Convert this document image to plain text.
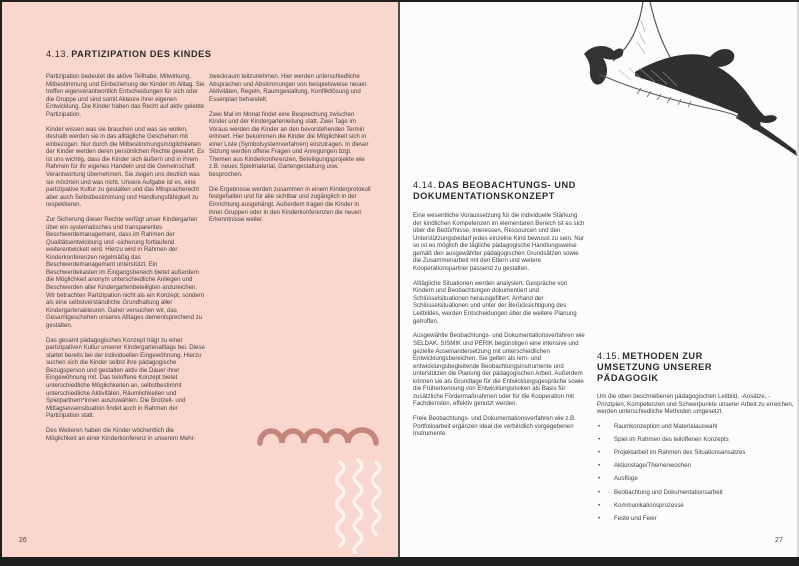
4.13. PARTIZIPATION DES KINDES

Partizipation bedeutet die aktive Teilhabe, Mitwirkung, Mitbestimmung und Einbeziehung der Kinder im Alltag. Sie treffen eigenverantwortlich Entscheidungen für sich oder die Gruppe und sind somit Akteure ihrer eigenen Entwicklung. Die Kinder haben das Recht auf aktiv gelebte Partizipation.

Kinder wissen was sie brauchen und was sie wollen, deshalb werden sie in das alltägliche Geschehen mit einbezogen. Nur durch die Mitbestimmungsmöglichkeiten der Kinder werden deren persönlichen Rechte gewahrt. Es ist uns wichtig, dass die Kinder sich äußern und in ihrem Rahmen für ihr eigenes Handeln und die Gemeinschaft Verantwortung übernehmen. Sie zeigen uns deutlich was sie möchten und was nicht. Unsere Aufgabe ist es, eine partizipative Kultur zu gestalten und das Mitspracherecht aber auch Selbstbestimmung und Handlungsfähigkeit zu respektieren.

Zur Sicherung dieser Rechte verfügt unser Kindergarten über ein systematisches und transparentes Beschwerdemanagement, dass im Rahmen der Qualitätsentwicklung und -sicherung fortlaufend weiterentwickelt wird. Hierzu wird in Rahmen der Kinderkonferenzen regelmäßig das Beschwerdemanagement unterstützt. Ein Beschwerdekasten im Eingangsbereich bietet außerdem die Möglichkeit anonym unterschiedliche Anliegen und Beschwerden aller Kindergartenbeteiligten anzureichen. Wir betrachten Partizipation nicht als ein Konzept, sondern als eine selbstverständliche Grundhaltung aller Kindergartenakteuren. Daher versuchen wir, das Gesamtgeschehen unseres Alltages dementsprechend zu gestalten.

Das gesamt pädagogisches Konzept trägt zu einer partizipativen Kultur unserer Kindergartenalltags bei. Diese startet bereits bei der individuellen Eingewöhnung. Hierzu suchen sich die Kinder selbst ihre pädagogische Bezugsperson und gestalten aktiv die Dauer ihrer Eingewöhnung mit. Das teiloffene Konzept bietet unterschiedliche Möglichkeiten an, selbstbestimmt unterschiedliche Aktivitäten, Räumlichkeiten und Spielpartnern*innen auszuwählen. Die Brotzeit- und Mittagsessensituation findet auch in Rahmen der Partizipation statt.

Des Weiteren haben die Kinder wöchentlich die Möglichkeit an einer Kinderkonferenz in unserem Mehr-

zweckraum teilzunehmen. Hier werden unterschiedliche Absprachen und Abstimmungen von beispielsweise neuen Aktivitäten, Regeln, Raumgestaltung, Konfliktlösung und Essenplan behandelt.

Zwei Mal im Monat findet eine Besprechung zwischen Kinder und der Kindergartenleitung statt. Zwei Tage im Voraus werden die Kinder an den bevorstehenden Termin erinnert. Hier bekommen die Kinder die Möglichkeit sich in einer Liste (Symbolsystemverfahren) einzutragen. In dieser Sitzung werden offene Fragen und Anregungen bzgl. Themen aus Kinderkonferenzen, Beteiligungsprojekte wie z.B. neues Spielmaterial, Gartengestaltung usw. besprochen.

Die Ergebnisse werden zusammen in einem Kinderprotokoll festgehalten und für alle sichtbar und zugänglich in der Einrichtung ausgehängt. Außerdem tragen die Kinder in ihren Gruppen oder in den Kinderkonferenzen die neuen Erkenntnisse weiter.

26
4.14. DAS BEOBACHTUNGS- UND DOKUMENTATIONSKONZEPT

Eine wesentliche Voraussetzung für die individuelle Stärkung der kindlichen Kompetenzen im elementaren Bereich ist es sich über die Bedürfnisse, Interessen, Ressourcen und den Unterstützungsbedarf jedes einzelne Kind bewusst zu sein. Nur so ist es möglich die tägliche pädagogische Handlungsweise gemäß den ausgewählter pädagogischen Grundsätzen sowie die Zusammenarbeit mit den Eltern und weitere Kooperationspartner passend zu gestalten.

Alltägliche Situationen werden analysiert, Gespräche von Kindern und Beobachtungen dokumentiert und Schlüsselsituationen herausgefiltert. Anhand der Schlüsselsituationen und unter der Berücksichtigung des Leitbildes, werden Entscheidungen über die weitere Planung getroffen.

Ausgewählte Beobachtungs- und Dokumentationsverfahren wie SELDAK, SISMIK und PERIK begünstigen eine intensive und gezielte Auseinandersetzung mit unterschiedlichen Entwicklungsbereichen. Sie gelten als lern- und entwicklungsbegleitende Beobachtungsinstrumente und unterstützen die Planung der pädagogischen Arbeit. Außerdem können sie als Grundlage für die Entwicklungsgespräche sowie die Früherkennung von Entwicklungsrisiken als Basis für zusätzliche Fördermaßnahmen oder für die Kooperation mit Fachdiensten, effektiv genutzt werden.

Freie Beobachtungs- und Dokumentationsverfahren wie z.B. Portfolioarbeit ergänzen ideal die verbindlich vorgegebenen Instrumente.

4.15. METHODEN ZUR UMSETZUNG UNSERER PÄDAGOGIK

Um die oben beschriebenen pädagogischen Leitbild, -Ansätze, -Prinzipien, Kompetenzen und Schwerpunkte unserer Arbeit zu erreichen, werden unterschiedliche Methoden umgesetzt.

• Raumkonzeption und Materialauswahl
• Spiel im Rahmen des teiloffenen Konzepts
• Projektarbeit im Rahmen des Situationsansatzes
• Aktionstage/Themenwochen
• Ausflüge
• Beobachtung und Dokumentationsarbeit
• Kommunikationsprozesse
• Feste und Feier
27
